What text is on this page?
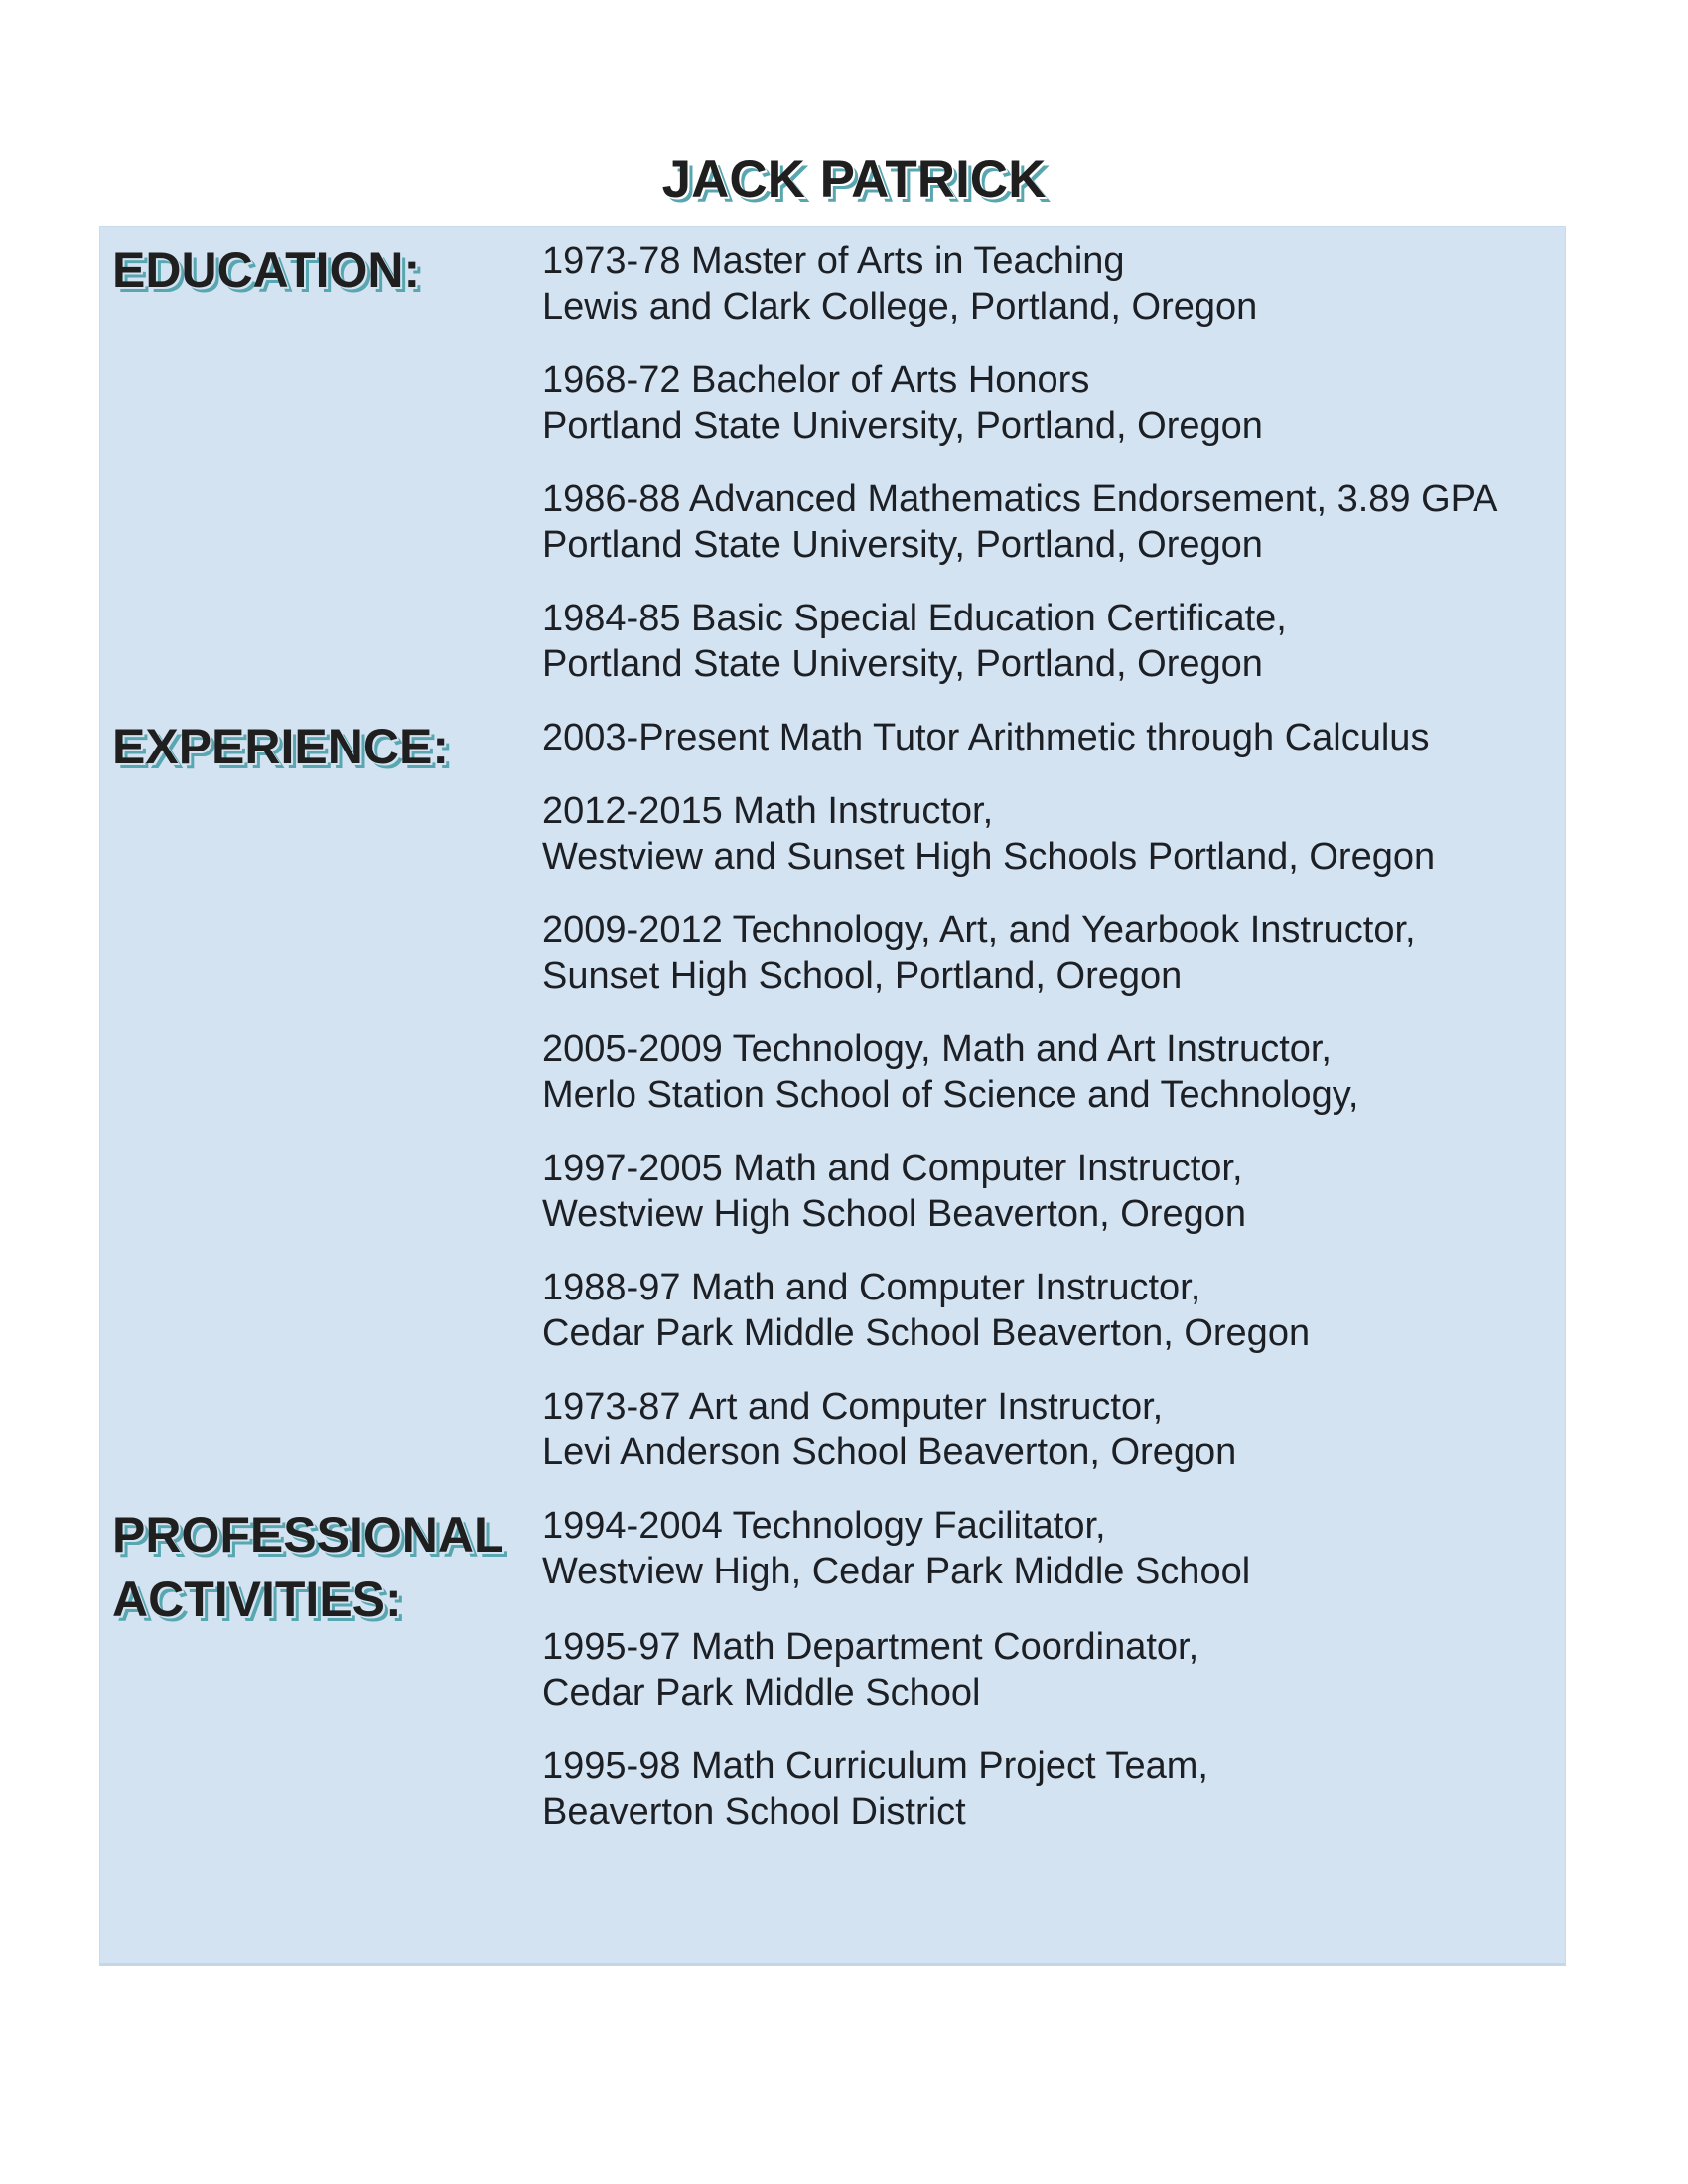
JACK PATRICK
EDUCATION:	1973-78 Master of Arts in Teaching
Lewis and Clark College, Portland, Oregon
1968-72 Bachelor of Arts Honors
Portland State University, Portland, Oregon
1986-88 Advanced Mathematics Endorsement, 3.89 GPA
Portland State University, Portland, Oregon
1984-85 Basic Special Education Certificate,
Portland State University, Portland, Oregon
EXPERIENCE:	2003-Present Math Tutor Arithmetic through Calculus
2012-2015 Math Instructor,
Westview and Sunset High Schools Portland, Oregon
2009-2012 Technology, Art, and Yearbook Instructor,
Sunset High School, Portland, Oregon
2005-2009 Technology, Math and Art Instructor,
Merlo Station School of Science and Technology,
1997-2005 Math and Computer Instructor,
Westview High School Beaverton, Oregon
1988-97 Math and Computer Instructor,
Cedar Park Middle School Beaverton, Oregon
1973-87 Art and Computer Instructor,
Levi Anderson School Beaverton, Oregon
PROFESSIONAL ACTIVITIES:
1994-2004 Technology Facilitator,
Westview High, Cedar Park Middle School
1995-97 Math Department Coordinator,
Cedar Park Middle School
1995-98 Math Curriculum Project Team,
Beaverton School District
